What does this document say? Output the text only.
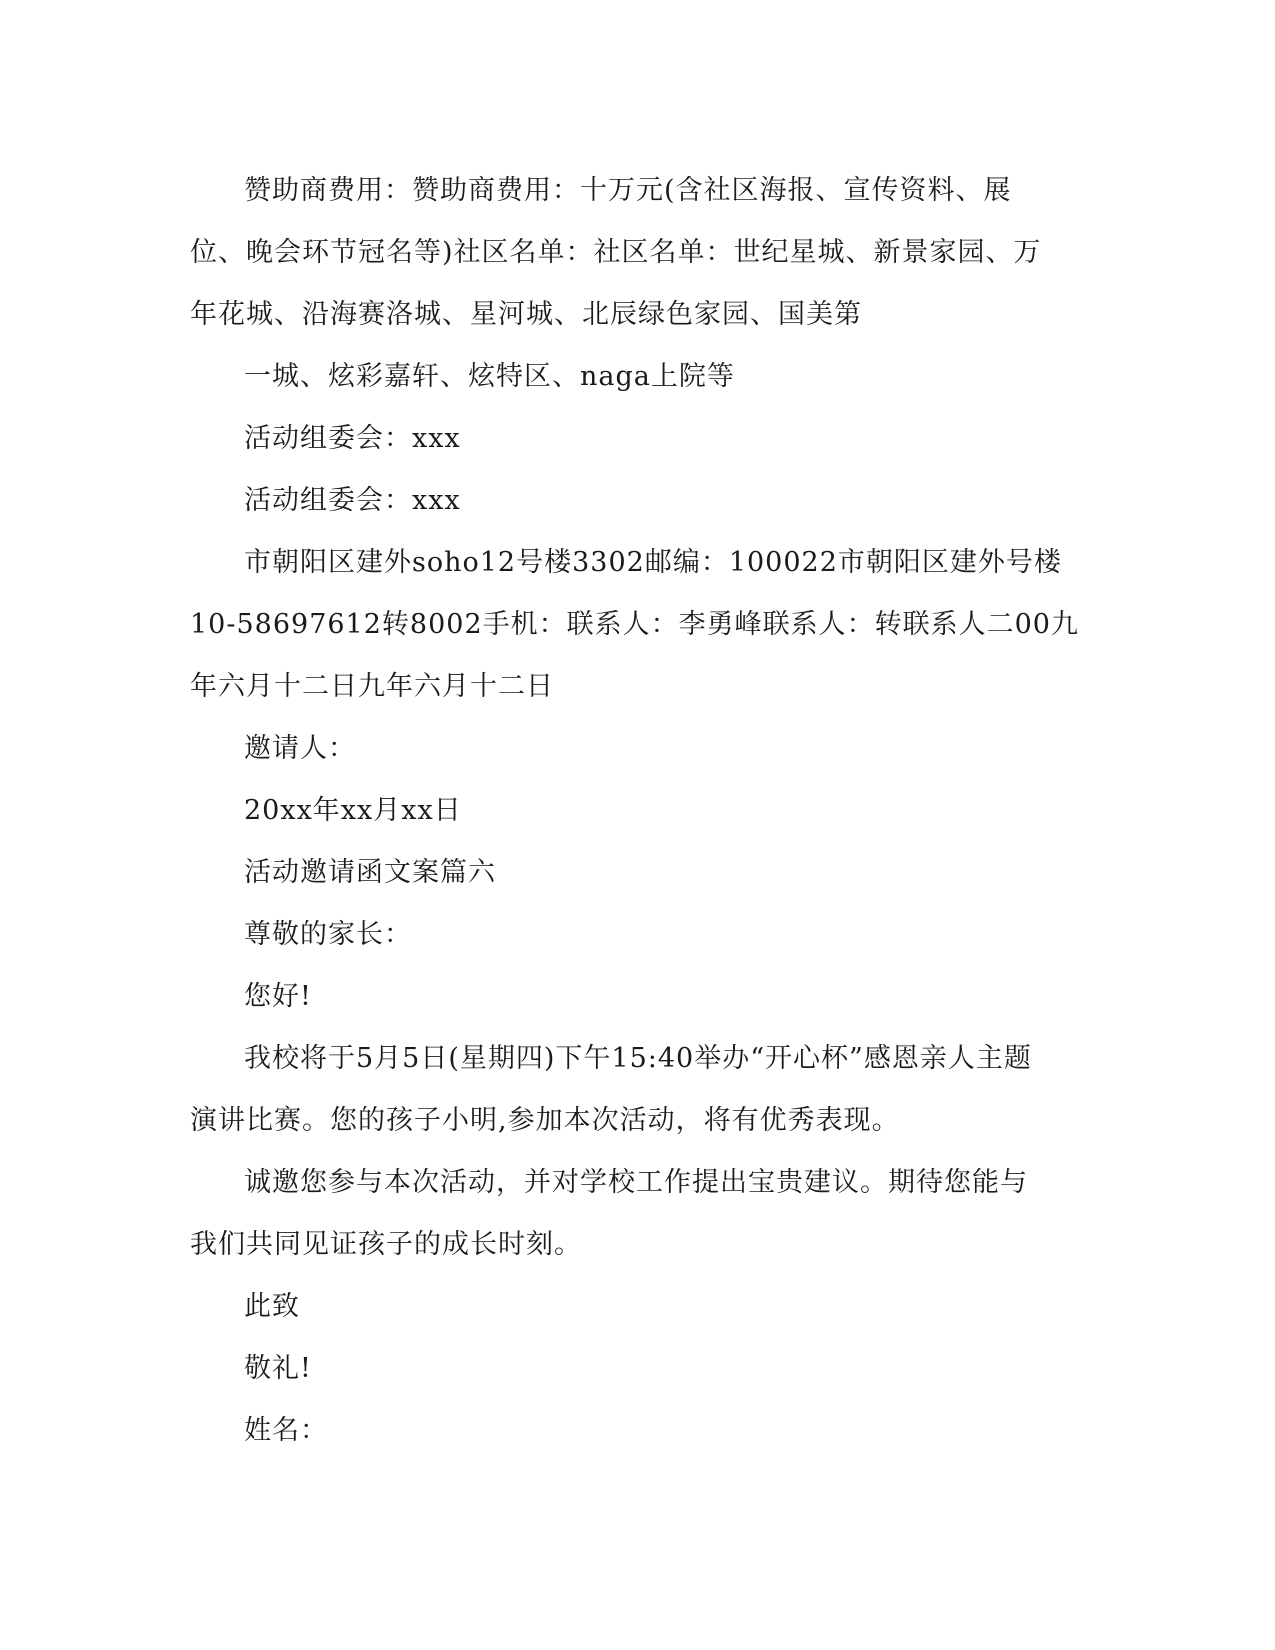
赞助商费用：赞助商费用：十万元(含社区海报、宣传资料、展
位、晚会环节冠名等)社区名单：社区名单：世纪星城、新景家园、万
年花城、沿海赛洛城、星河城、北辰绿色家园、国美第
一城、炫彩嘉轩、炫特区、naga上院等
活动组委会：xxx
活动组委会：xxx
市朝阳区建外soho12号楼3302邮编：100022市朝阳区建外号楼
10-58697612转8002手机：联系人：李勇峰联系人：转联系人二00九
年六月十二日九年六月十二日
邀请人：
20xx年xx月xx日
活动邀请函文案篇六
尊敬的家长：
您好!
我校将于5月5日(星期四)下午15:40举办“开心杯”感恩亲人主题
演讲比赛。您的孩子小明,参加本次活动，将有优秀表现。
诚邀您参与本次活动，并对学校工作提出宝贵建议。期待您能与
我们共同见证孩子的成长时刻。
此致
敬礼!
姓名：
